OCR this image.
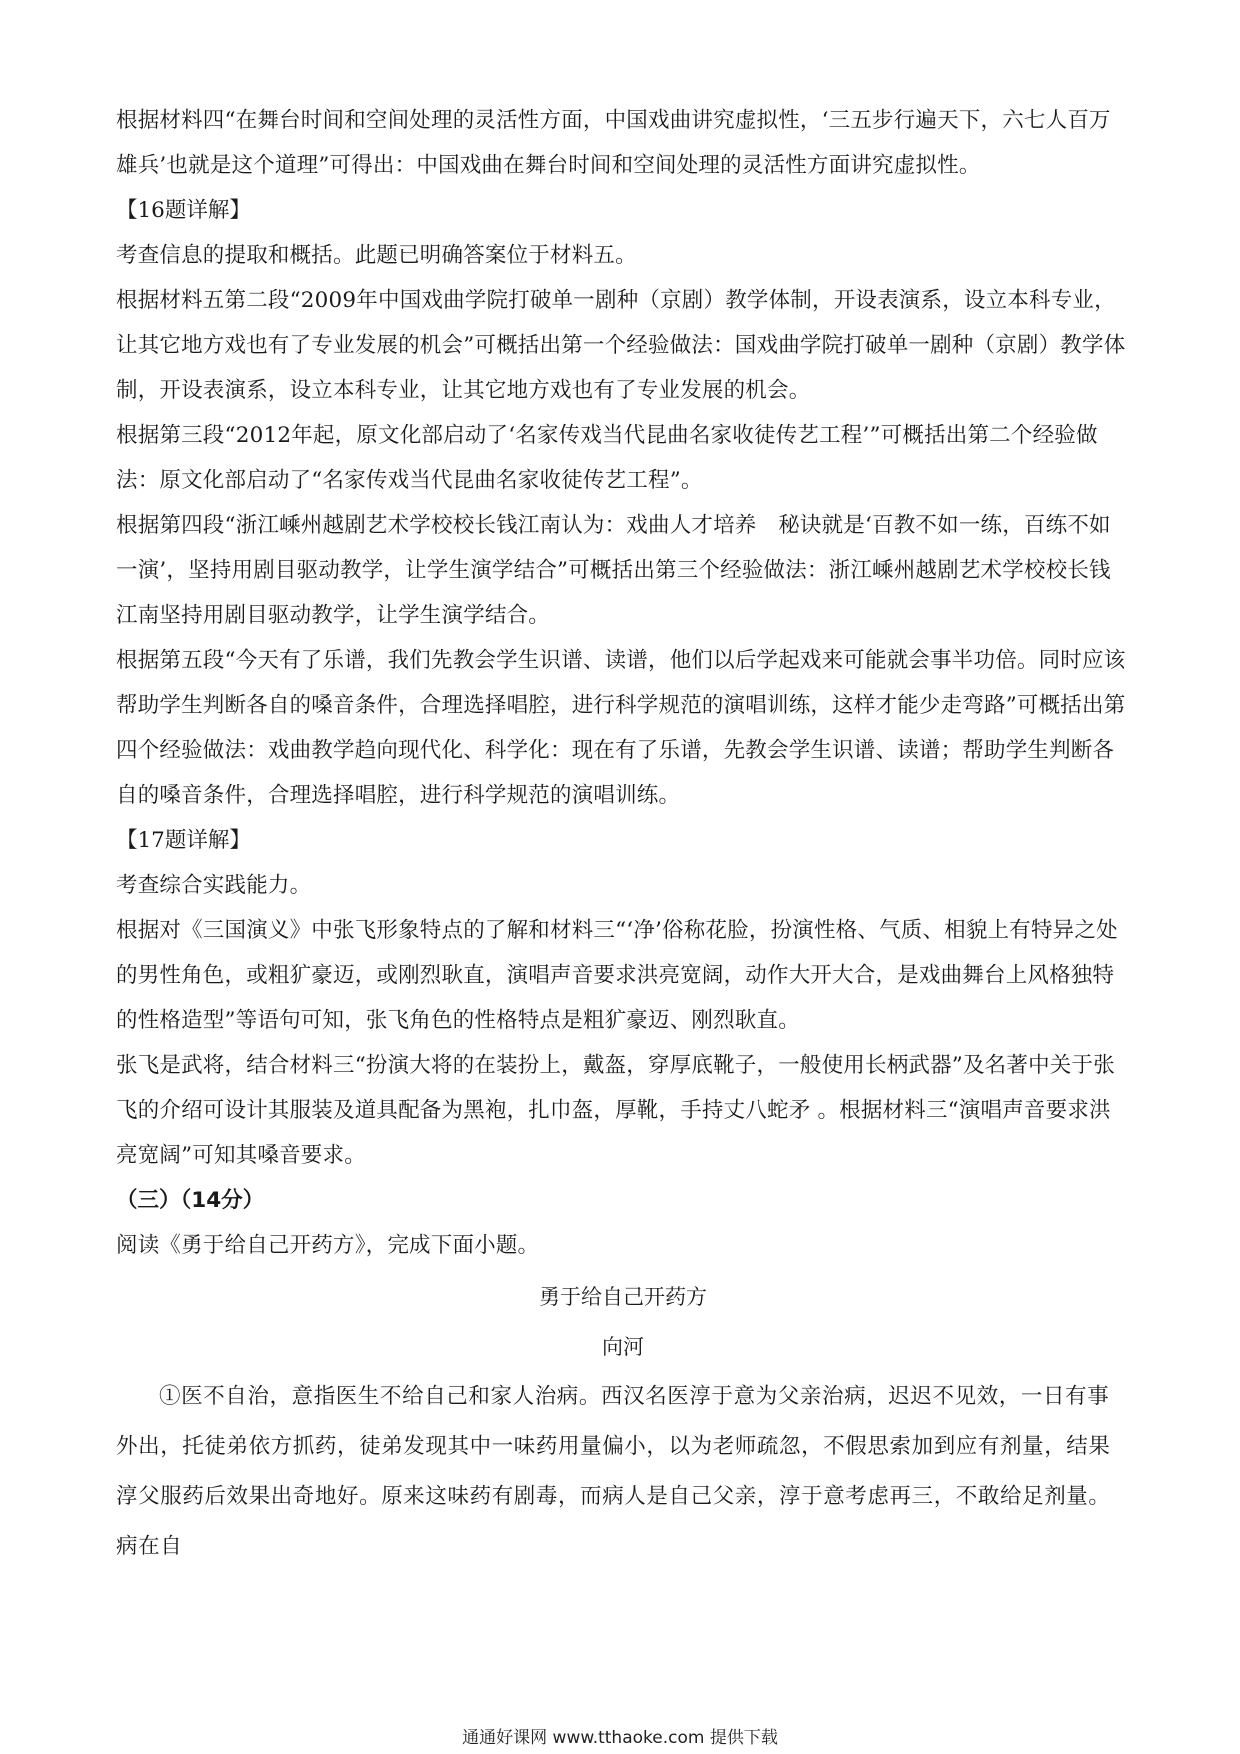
根据材料四“在舞台时间和空间处理的灵活性方面，中国戏曲讲究虚拟性，‘三五步行遍天下，六七人百万雄兵’也就是这个道理”可得出：中国戏曲在舞台时间和空间处理的灵活性方面讲究虚拟性。

【16题详解】

考查信息的提取和概括。此题已明确答案位于材料五。

根据材料五第二段“2009年中国戏曲学院打破单一剧种（京剧）教学体制，开设表演系，设立本科专业，让其它地方戏也有了专业发展的机会”可概括出第一个经验做法：国戏曲学院打破单一剧种（京剧）教学体制，开设表演系，设立本科专业，让其它地方戏也有了专业发展的机会。

根据第三段“2012年起，原文化部启动了‘名家传戏当代昆曲名家收徒传艺工程’”可概括出第二个经验做法：原文化部启动了“名家传戏当代昆曲名家收徒传艺工程”。

根据第四段“浙江嵊州越剧艺术学校校长钱江南认为：戏曲人才培养　秘诀就是‘百教不如一练，百练不如一演’，坚持用剧目驱动教学，让学生演学结合”可概括出第三个经验做法：浙江嵊州越剧艺术学校校长钱江南坚持用剧目驱动教学，让学生演学结合。

根据第五段“今天有了乐谱，我们先教会学生识谱、读谱，他们以后学起戏来可能就会事半功倍。同时应该帮助学生判断各自的嗓音条件，合理选择唱腔，进行科学规范的演唱训练，这样才能少走弯路”可概括出第四个经验做法：戏曲教学趋向现代化、科学化：现在有了乐谱，先教会学生识谱、读谱；帮助学生判断各自的嗓音条件，合理选择唱腔，进行科学规范的演唱训练。

【17题详解】

考查综合实践能力。

根据对《三国演义》中张飞形象特点的了解和材料三“‘净’俗称花脸，扮演性格、气质、相貌上有特异之处的男性角色，或粗犷豪迈，或刚烈耿直，演唱声音要求洪亮宽阔，动作大开大合，是戏曲舞台上风格独特的性格造型”等语句可知，张飞角色的性格特点是粗犷豪迈、刚烈耿直。

张飞是武将，结合材料三“扮演大将的在装扮上，戴盔，穿厚底靴子，一般使用长柄武器”及名著中关于张飞的介绍可设计其服装及道具配备为黑袍，扎巾盔，厚靴，手持丈八蛇矛 。根据材料三“演唱声音要求洪亮宽阔”可知其嗓音要求。

（三）（14分）

阅读《勇于给自己开药方》，完成下面小题。

勇于给自己开药方

向河

①医不自治，意指医生不给自己和家人治病。西汉名医淳于意为父亲治病，迟迟不见效，一日有事外出，托徒弟依方抓药，徒弟发现其中一味药用量偏小，以为老师疏忽，不假思索加到应有剂量，结果淳父服药后效果出奇地好。原来这味药有剧毒，而病人是自己父亲，淳于意考虑再三，不敢给足剂量。病在自

通通好课网 www.tthaoke.com 提供下载
